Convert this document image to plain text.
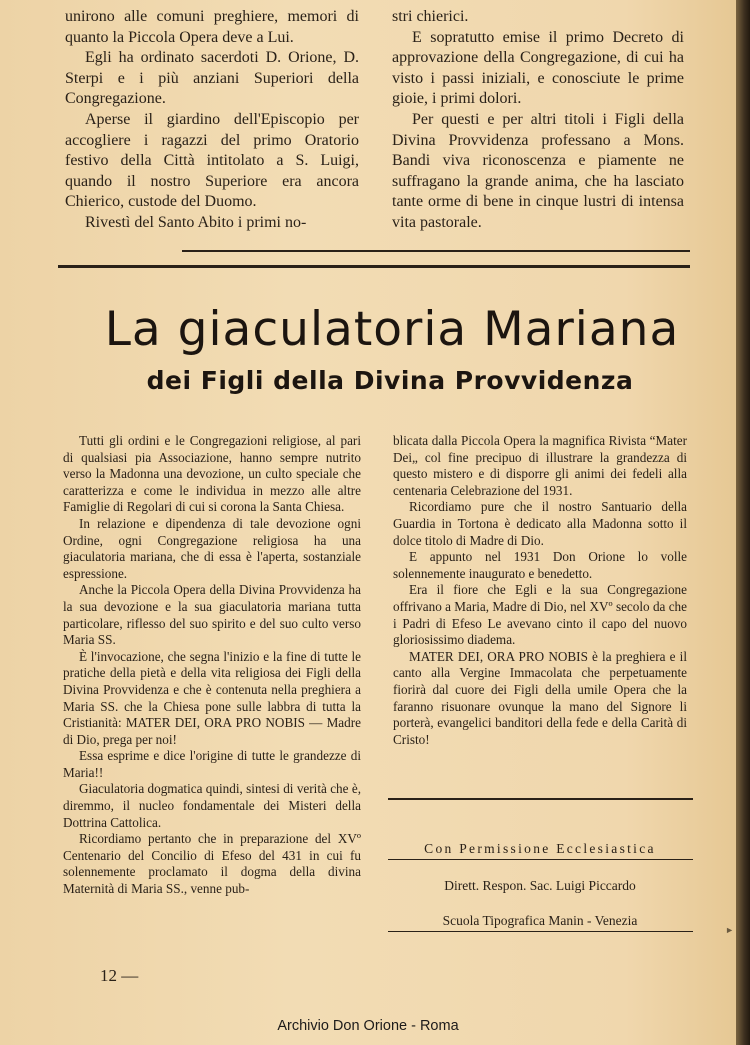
unirono alle comuni preghiere, memori di quanto la Piccola Opera deve a Lui.

Egli ha ordinato sacerdoti D. Orione, D. Sterpi e i più anziani Superiori della Congregazione.

Aperse il giardino dell'Episcopio per accogliere i ragazzi del primo Oratorio festivo della Città intitolato a S. Luigi, quando il nostro Superiore era ancora Chierico, custode del Duomo.

Rivestì del Santo Abito i primi no-

stri chierici.

E sopratutto emise il primo Decreto di approvazione della Congregazione, di cui ha visto i passi iniziali, e conosciute le prime gioie, i primi dolori.

Per questi e per altri titoli i Figli della Divina Provvidenza professano a Mons. Bandi viva riconoscenza e piamente ne suffragano la grande anima, che ha lasciato tante orme di bene in cinque lustri di intensa vita pastorale.

La giaculatoria Mariana
dei Figli della Divina Provvidenza

Tutti gli ordini e le Congregazioni religiose, al pari di qualsiasi pia Associazione, hanno sempre nutrito verso la Madonna una devozione, un culto speciale che caratterizza e come le individua in mezzo alle altre Famiglie di Regolari di cui si corona la Santa Chiesa.

In relazione e dipendenza di tale devozione ogni Ordine, ogni Congregazione religiosa ha una giaculatoria mariana, che di essa è l'aperta, sostanziale espressione.

Anche la Piccola Opera della Divina Provvidenza ha la sua devozione e la sua giaculatoria mariana tutta particolare, riflesso del suo spirito e del suo culto verso Maria SS.

È l'invocazione, che segna l'inizio e la fine di tutte le pratiche della pietà e della vita religiosa dei Figli della Divina Provvidenza e che è contenuta nella preghiera a Maria SS. che la Chiesa pone sulle labbra di tutta la Cristianità: MATER DEI, ORA PRO NOBIS — Madre di Dio, prega per noi!

Essa esprime e dice l'origine di tutte le grandezze di Maria!!

Giaculatoria dogmatica quindi, sintesi di verità che è, diremmo, il nucleo fondamentale dei Misteri della Dottrina Cattolica.

Ricordiamo pertanto che in preparazione del XVº Centenario del Concilio di Efeso del 431 in cui fu solennemente proclamato il dogma della divina Maternità di Maria SS., venne pub-

blicata dalla Piccola Opera la magnifica Rivista “Mater Dei„ col fine precipuo di illustrare la grandezza di questo mistero e di disporre gli animi dei fedeli alla centenaria Celebrazione del 1931.

Ricordiamo pure che il nostro Santuario della Guardia in Tortona è dedicato alla Madonna sotto il dolce titolo di Madre di Dio.

E appunto nel 1931 Don Orione lo volle solennemente inaugurato e benedetto.

Era il fiore che Egli e la sua Congregazione offrivano a Maria, Madre di Dio, nel XVº secolo da che i Padri di Efeso Le avevano cinto il capo del nuovo gloriosissimo diadema.

MATER DEI, ORA PRO NOBIS è la preghiera e il canto alla Vergine Immacolata che perpetuamente fiorirà dal cuore dei Figli della umile Opera che la faranno risuonare ovunque la mano del Signore li porterà, evangelici banditori della fede e della Carità di Cristo!

Con Permissione Ecclesiastica
Dirett. Respon. Sac. Luigi Piccardo
Scuola Tipografica Manin - Venezia
►
12 —
Archivio Don Orione - Roma
